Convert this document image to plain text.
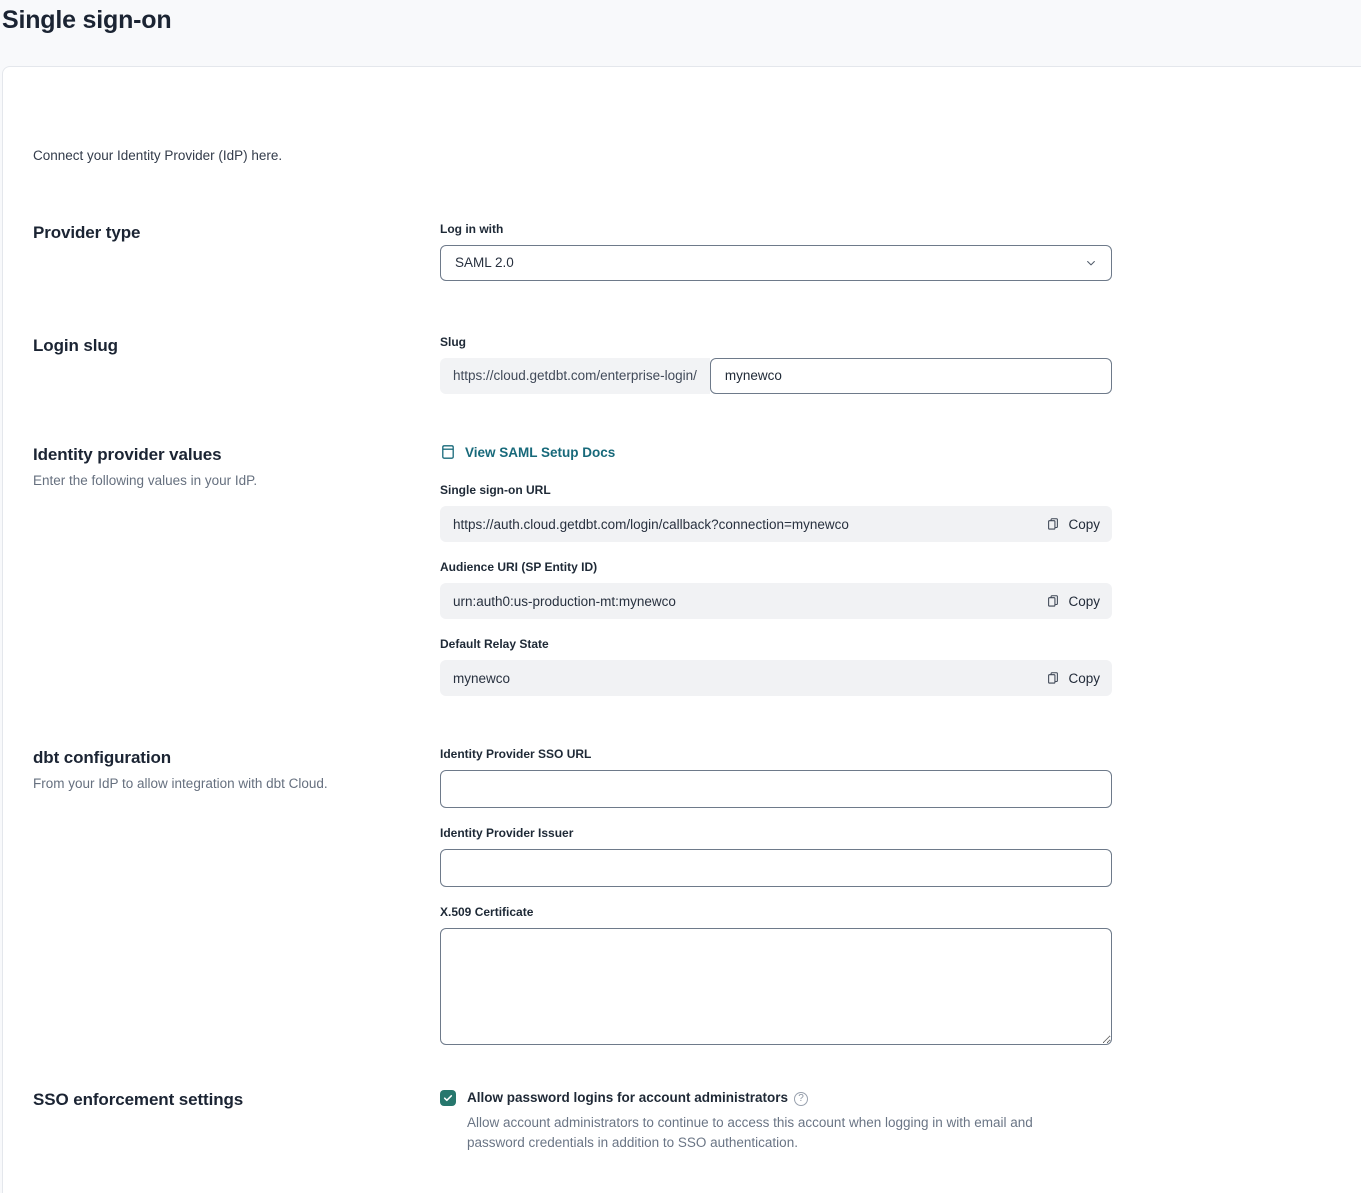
Single sign-on

Connect your Identity Provider (IdP) here.

Provider type	Log in with
SAML 2.0
Login slug	Slug
https://cloud.getdbt.com/enterprise-login/
mynewco
Identity provider values

Enter the following values in your IdP.

View SAML Setup Docs
Single sign-on URL
https://auth.cloud.getdbt.com/login/callback?connection=mynewco	Copy
Audience URI (SP Entity ID)
urn:auth0:us-production-mt:mynewco	Copy
Default Relay State
mynewco	Copy
dbt configuration

From your IdP to allow integration with dbt Cloud.

Identity Provider SSO URL
Identity Provider Issuer
X.509 Certificate
SSO enforcement settings	Allow password logins for account administrators ?
Allow account administrators to continue to access this account when logging in with email and password credentials in addition to SSO authentication.
